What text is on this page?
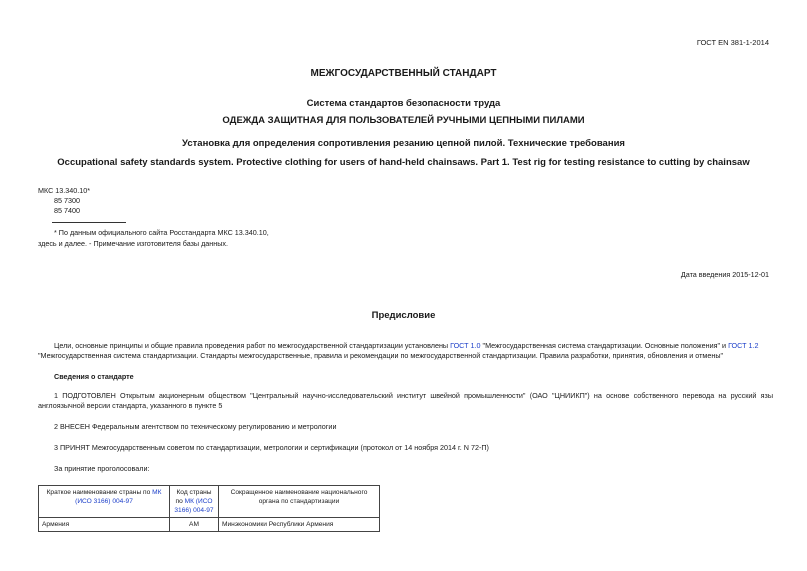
ГОСТ EN 381-1-2014
МЕЖГОСУДАРСТВЕННЫЙ СТАНДАРТ
Система стандартов безопасности труда
ОДЕЖДА ЗАЩИТНАЯ ДЛЯ ПОЛЬЗОВАТЕЛЕЙ РУЧНЫМИ ЦЕПНЫМИ ПИЛАМИ
Установка для определения сопротивления резанию цепной пилой. Технические требования
Occupational safety standards system. Protective clothing for users of hand-held chainsaws. Part 1. Test rig for testing resistance to cutting by chainsaw
МКС 13.340.10*
85 7300
85 7400
* По данным официального сайта Росстандарта МКС 13.340.10,
здесь и далее. - Примечание изготовителя базы данных.
Дата введения 2015-12-01
Предисловие
Цели, основные принципы и общие правила проведения работ по межгосударственной стандартизации установлены ГОСТ 1.0 "Межгосударственная система стандартизации. Основные положения" и ГОСТ 1.2 "Межгосударственная система стандартизации. Стандарты межгосударственные, правила и рекомендации по межгосударственной стандартизации. Правила разработки, принятия, обновления и отмены"
Сведения о стандарте
1 ПОДГОТОВЛЕН Открытым акционерным обществом "Центральный научно-исследовательский институт швейной промышленности" (ОАО "ЦНИИКП") на основе собственного перевода на русский язы англоязычной версии стандарта, указанного в пункте 5
2 ВНЕСЕН Федеральным агентством по техническому регулированию и метрологии
3 ПРИНЯТ Межгосударственным советом по стандартизации, метрологии и сертификации (протокол от 14 ноября 2014 г. N 72-П)
За принятие проголосовали:
Краткое наименование страны по МК (ИСО 3166) 004-97	Код страны по МК (ИСО 3166) 004-97	Сокращенное наименование национального органа по стандартизации
Армения	AM	Минэкономики Республики Армения
